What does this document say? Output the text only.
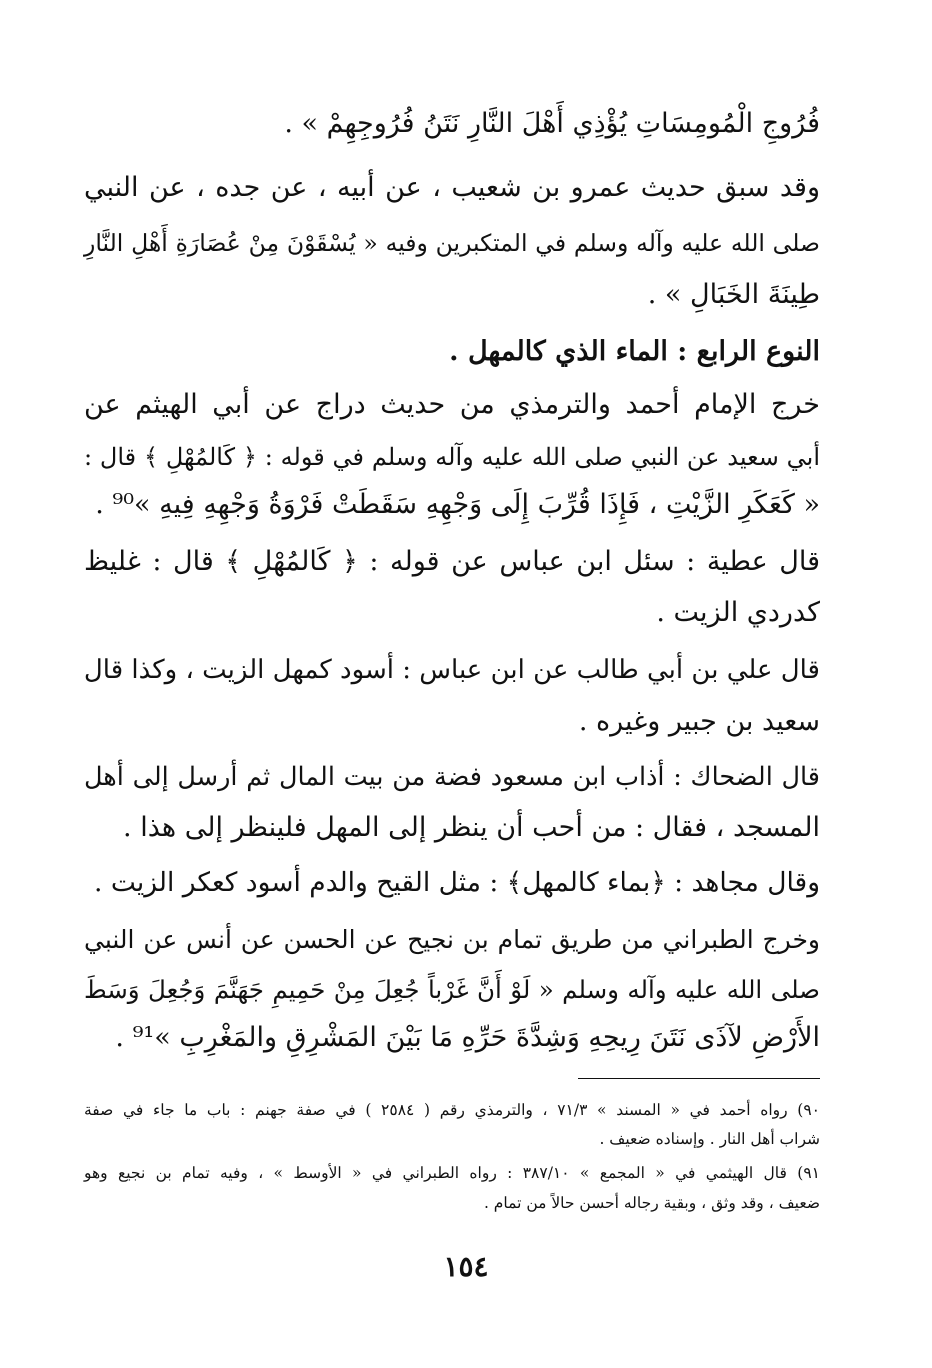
فُرُوجِ الْمُومِسَاتِ يُؤْذِي أَهْلَ النَّارِ نَتَنُ فُرُوجِهِمْ » .
وقد سبق حديث عمرو بن شعيب ، عن أبيه ، عن جده ، عن النبي
صلى الله عليه وآله وسلم في المتكبرين وفيه « يُسْقَوْنَ مِنْ عُصَارَةِ أَهْلِ النَّارِ
طِينَةَ الخَبَالِ » .
النوع الرابع : الماء الذي كالمهل .
خرج الإمام أحمد والترمذي من حديث دراج عن أبي الهيثم عن
أبي سعيد عن النبي صلى الله عليه وآله وسلم في قوله : ﴿ كَالمُهْلِ ﴾ قال :
« كَعَكَرِ الزَّيْتِ ، فَإِذَا قُرِّبَ إِلَى وَجْهِهِ سَقَطَتْ فَرْوَةُ وَجْهِهِ فِيهِ »⁹⁰ .
قال عطية : سئل ابن عباس عن قوله : ﴿ كَالمُهْلِ ﴾ قال : غليظ
كدردي الزيت .
قال علي بن أبي طالب عن ابن عباس : أسود كمهل الزيت ، وكذا قال
سعيد بن جبير وغيره .
قال الضحاك : أذاب ابن مسعود فضة من بيت المال ثم أرسل إلى أهل
المسجد ، فقال : من أحب أن ينظر إلى المهل فلينظر إلى هذا .
وقال مجاهد : ﴿بماء كالمهل﴾ : مثل القيح والدم أسود كعكر الزيت .
وخرج الطبراني من طريق تمام بن نجيح عن الحسن عن أنس عن النبي
صلى الله عليه وآله وسلم « لَوْ أَنَّ غَرْباً جُعِلَ مِنْ حَمِيمِ جَهَنَّمَ وَجُعِلَ وَسَطَ
الأَرْضِ لآذَى نَتَنَ رِيحِهِ وَشِدَّةَ حَرِّهِ مَا بَيْنَ المَشْرِقِ والمَغْرِبِ »⁹¹ .
٩٠) رواه أحمد في « المسند » ٧١/٣ ، والترمذي رقم ( ٢٥٨٤ ) في صفة جهنم : باب ما جاء في صفة
شراب أهل النار . وإسناده ضعيف .
٩١) قال الهيثمي في « المجمع » ٣٨٧/١٠ : رواه الطبراني في « الأوسط » ، وفيه تمام بن نجيع وهو
ضعيف ، وقد وثق ، وبقية رجاله أحسن حالاً من تمام .
١٥٤
